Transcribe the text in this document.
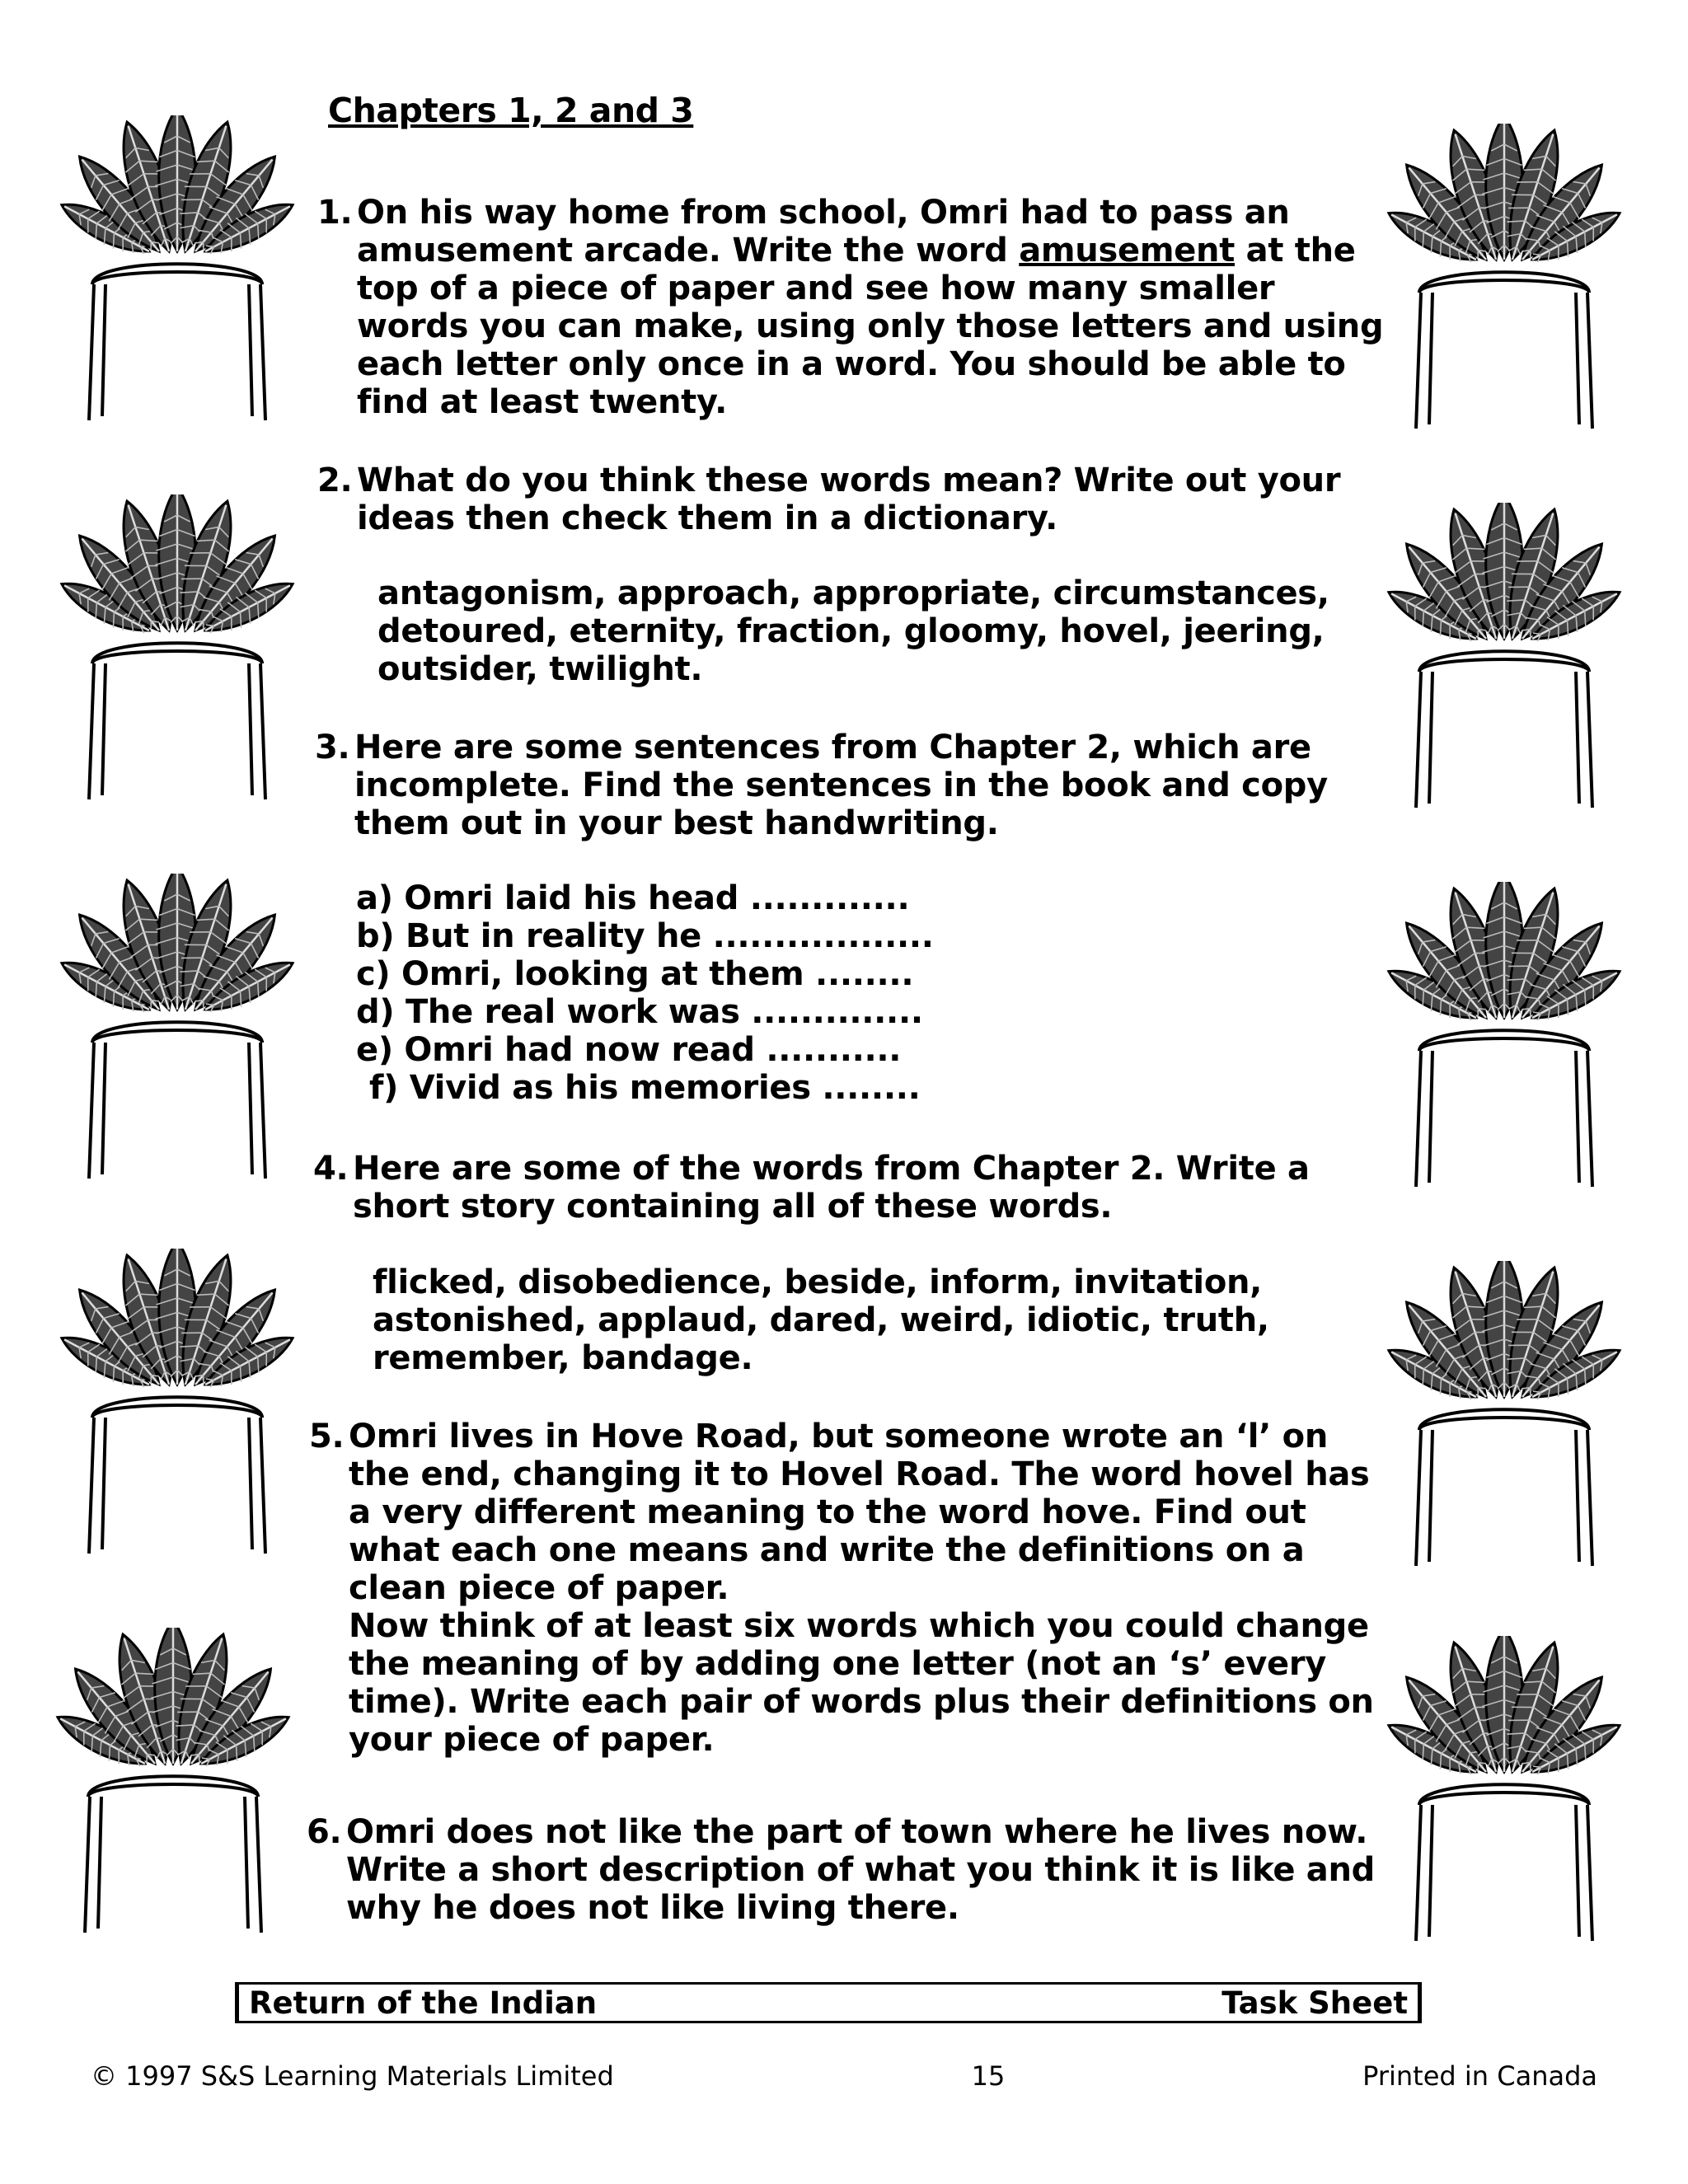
Chapters 1, 2 and 3
1. On his way home from school, Omri had to pass an amusement arcade. Write the word amusement at the top of a piece of paper and see how many smaller words you can make, using only those letters and using each letter only once in a word. You should be able to find at least twenty.

2. What do you think these words mean? Write out your ideas then check them in a dictionary.

antagonism, approach, appropriate, circumstances, detoured, eternity, fraction, gloomy, hovel, jeering, outsider, twilight.
3. Here are some sentences from Chapter 2, which are incomplete. Find the sentences in the book and copy them out in your best handwriting.

a) Omri laid his head .............
b) But in reality he ..................
c) Omri, looking at them ........
d) The real work was ..............
e) Omri had now read ...........
f) Vivid as his memories ........
4. Here are some of the words from Chapter 2. Write a short story containing all of these words.

flicked, disobedience, beside, inform, invitation, astonished, applaud, dared, weird, idiotic, truth, remember, bandage.
5. Omri lives in Hove Road, but someone wrote an ‘l’ on the end, changing it to Hovel Road. The word hovel has a very different meaning to the word hove. Find out what each one means and write the definitions on a clean piece of paper.

Now think of at least six words which you could change the meaning of by adding one letter (not an ‘s’ every time). Write each pair of words plus their definitions on your piece of paper.

6. Omri does not like the part of town where he lives now. Write a short description of what you think it is like and why he does not like living there.

Return of the Indian	Task Sheet
© 1997 S&S Learning Materials Limited	15	Printed in Canada
